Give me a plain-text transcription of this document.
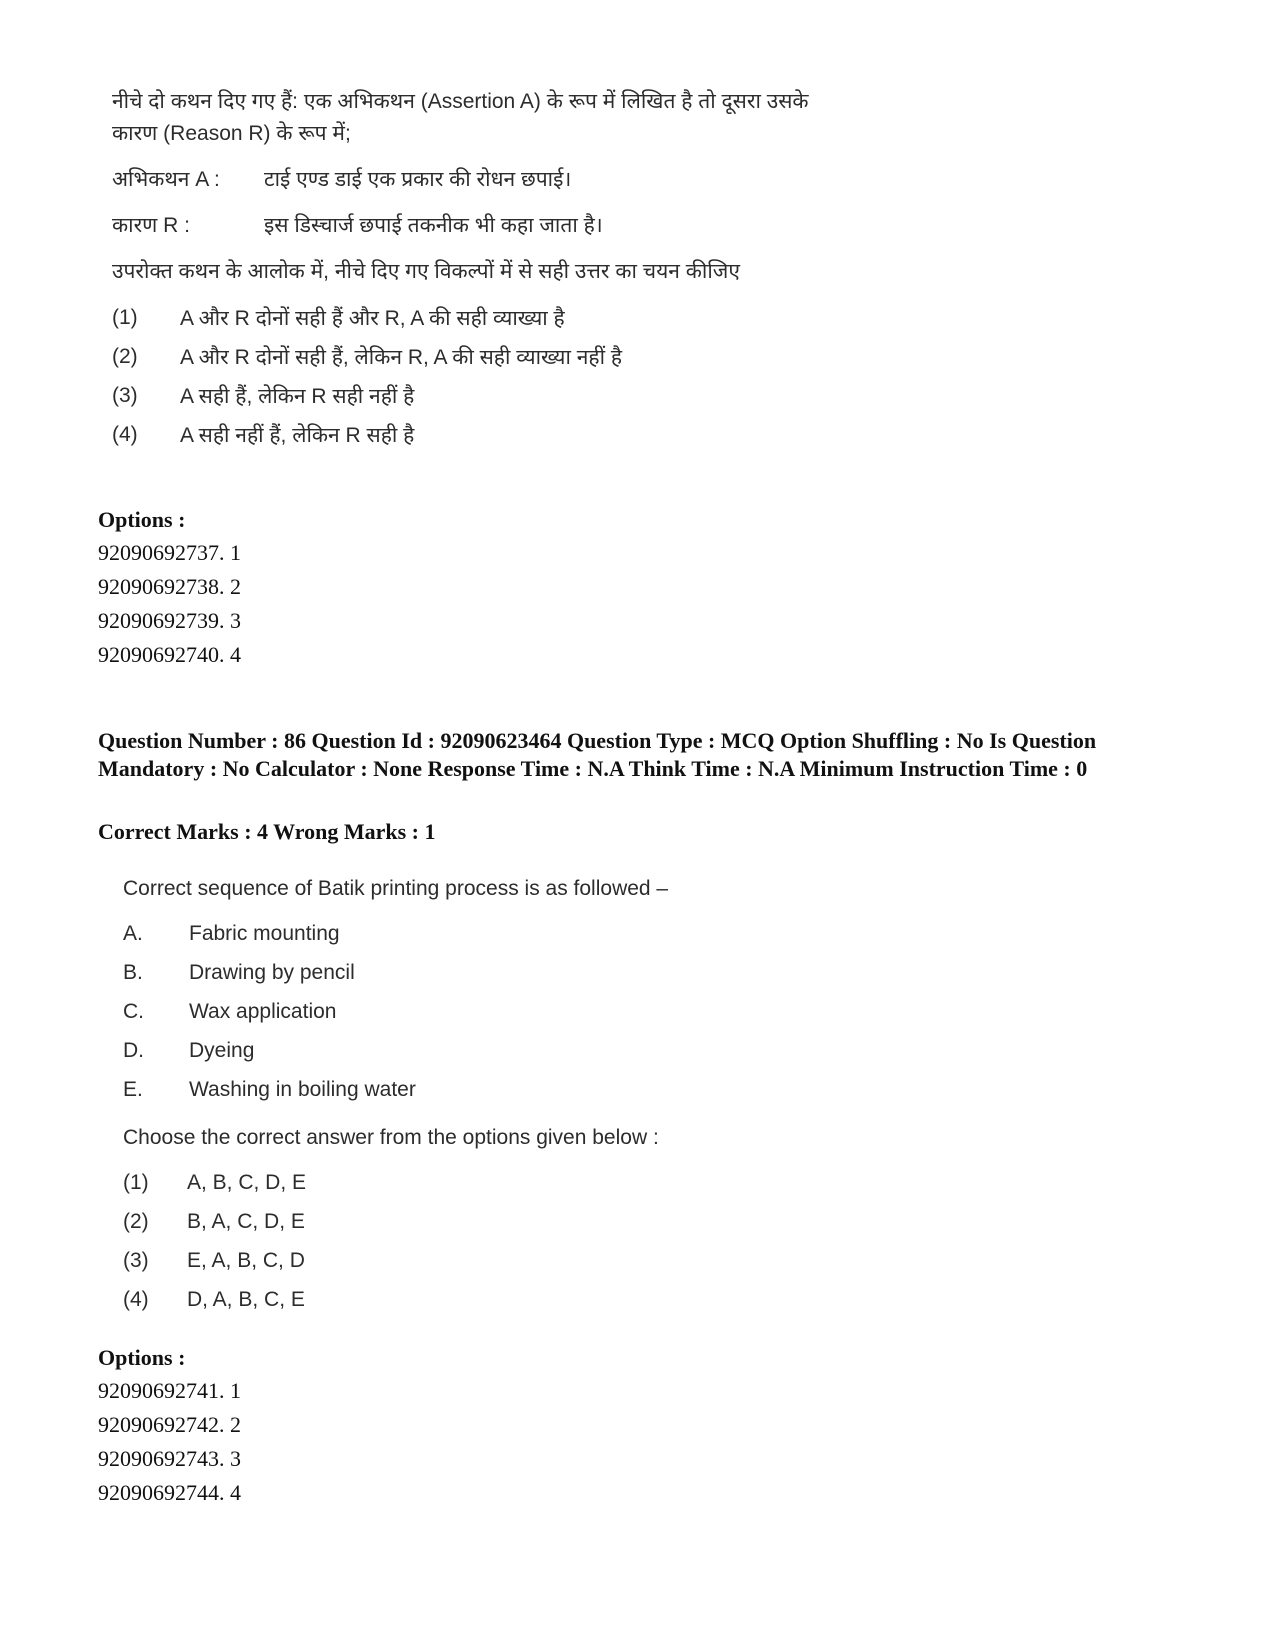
नीचे दो कथन दिए गए हैं: एक अभिकथन (Assertion A) के रूप में लिखित है तो दूसरा उसके
कारण (Reason R) के रूप में;

अभिकथन A :	टाई एण्ड डाई एक प्रकार की रोधन छपाई।
कारण R :	इस डिस्चार्ज छपाई तकनीक भी कहा जाता है।
उपरोक्त कथन के आलोक में, नीचे दिए गए विकल्पों में से सही उत्तर का चयन कीजिए
(1)	A और R दोनों सही हैं और R, A की सही व्याख्या है
(2)	A और R दोनों सही हैं, लेकिन R, A की सही व्याख्या नहीं है
(3)	A सही हैं, लेकिन R सही नहीं है
(4)	A सही नहीं हैं, लेकिन R सही है
Options :
92090692737. 1
92090692738. 2
92090692739. 3
92090692740. 4
Question Number : 86 Question Id : 92090623464 Question Type : MCQ Option Shuffling : No Is Question Mandatory : No Calculator : None Response Time : N.A Think Time : N.A Minimum Instruction Time : 0
Correct Marks : 4 Wrong Marks : 1
Correct sequence of Batik printing process is as followed –
A.	Fabric mounting
B.	Drawing by pencil
C.	Wax application
D.	Dyeing
E.	Washing in boiling water
Choose the correct answer from the options given below :
(1)	A, B, C, D, E
(2)	B, A, C, D, E
(3)	E, A, B, C, D
(4)	D, A, B, C, E
Options :
92090692741. 1
92090692742. 2
92090692743. 3
92090692744. 4
